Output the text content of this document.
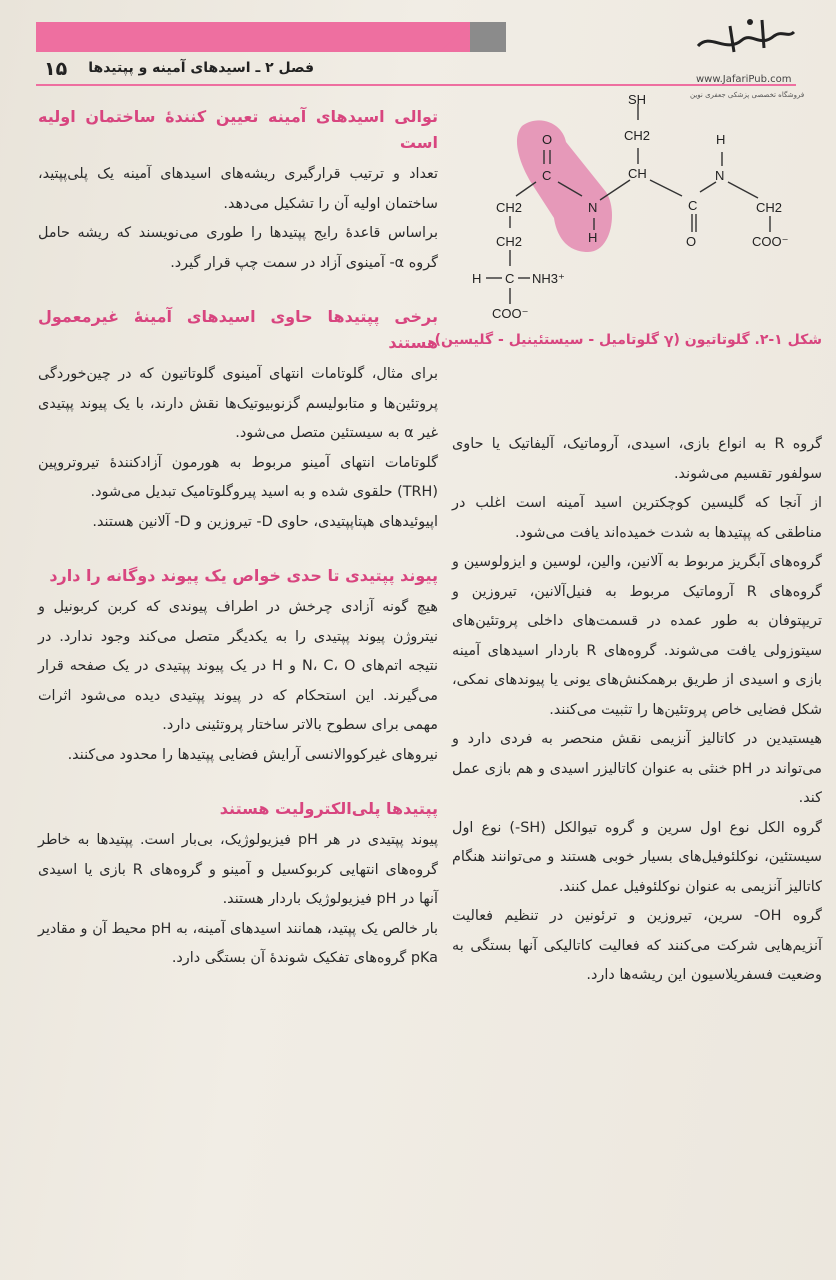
۱۵ فصل ۲ ـ اسیدهای آمینه و پپتیدها
www.JafariPub.com
فروشگاه تخصصی پزشکی جعفری نوین
SH
CH2
CH
H
N
O
C
N
H
C
O
CH2
COO⁻
CH2
CH2
H C NH3⁺
COO⁻
شکل ۱-۲. گلوتاتیون (γ گلوتامیل - سیستئینیل - گلیسین).
توالی اسیدهای آمینه تعیین کنندهٔ ساختمان اولیه است

تعداد و ترتیب قرارگیری ریشه‌های اسیدهای آمینه یک پلی‌پپتید، ساختمان اولیه آن را تشکیل می‌دهد.

براساس قاعدهٔ رایج پپتیدها را طوری می‌نویسند که ریشه حامل گروه α- آمینوی آزاد در سمت چپ قرار گیرد.

برخی پپتیدها حاوی اسیدهای آمینهٔ غیرمعمول هستند

برای مثال، گلوتامات انتهای آمینوی گلوتاتیون که در چین‌خوردگی پروتئین‌ها و متابولیسم گزنوبیوتیک‌ها نقش دارند، با یک پیوند پپتیدی غیر α به سیستئین متصل می‌شود.

گلوتامات انتهای آمینو مربوط به هورمون آزادکنندهٔ تیروتروپین (TRH) حلقوی شده و به اسید پیروگلوتامیک تبدیل می‌شود.

اپیوئیدهای هپتاپپتیدی، حاوی D- تیروزین و D- آلانین هستند.

پیوند پپتیدی تا حدی خواص یک پیوند دوگانه را دارد

هیچ گونه آزادی چرخش در اطراف پیوندی که کربن کربونیل و نیتروژن پیوند پپتیدی را به یکدیگر متصل می‌کند وجود ندارد. در نتیجه اتم‌های N، C، O و H در یک پیوند پپتیدی در یک صفحه قرار می‌گیرند. این استحکام که در پیوند پپتیدی دیده می‌شود اثرات مهمی برای سطوح بالاتر ساختار پروتئینی دارد.

نیروهای غیرکووالانسی آرایش فضایی پپتیدها را محدود می‌کنند.

پپتیدها پلی‌الکترولیت هستند

پیوند پپتیدی در هر pH فیزیولوژیک، بی‌بار است. پپتیدها به خاطر گروه‌های انتهایی کربوکسیل و آمینو و گروه‌های R بازی یا اسیدی آنها در pH فیزیولوژیک باردار هستند.

بار خالص یک پپتید، همانند اسیدهای آمینه، به pH محیط آن و مقادیر pKa گروه‌های تفکیک شوندهٔ آن بستگی دارد.

گروه R به انواع بازی، اسیدی، آروماتیک، آلیفاتیک یا حاوی سولفور تقسیم می‌شوند.

از آنجا که گلیسین کوچکترین اسید آمینه است اغلب در مناطقی که پپتیدها به شدت خمیده‌اند یافت می‌شود.

گروه‌های آبگریز مربوط به آلانین، والین، لوسین و ایزولوسین و گروه‌های R آروماتیک مربوط به فنیل‌آلانین، تیروزین و تریپتوفان به طور عمده در قسمت‌های داخلی پروتئین‌های سیتوزولی یافت می‌شوند. گروه‌های R باردار اسیدهای آمینه بازی و اسیدی از طریق برهمکنش‌های یونی یا پیوندهای نمکی، شکل فضایی خاص پروتئین‌ها را تثبیت می‌کنند.

هیستیدین در کاتالیز آنزیمی نقش منحصر به فردی دارد و می‌تواند در pH خنثی به عنوان کاتالیزر اسیدی و هم بازی عمل کند.

گروه الکل نوع اول سرین و گروه تیوالکل (SH-) نوع اول سیستئین، نوکلئوفیل‌های بسیار خوبی هستند و می‌توانند هنگام کاتالیز آنزیمی به عنوان نوکلئوفیل عمل کنند.

گروه OH- سرین، تیروزین و ترئونین در تنظیم فعالیت آنزیم‌هایی شرکت می‌کنند که فعالیت کاتالیکی آنها بستگی به وضعیت فسفریلاسیون این ریشه‌ها دارد.
